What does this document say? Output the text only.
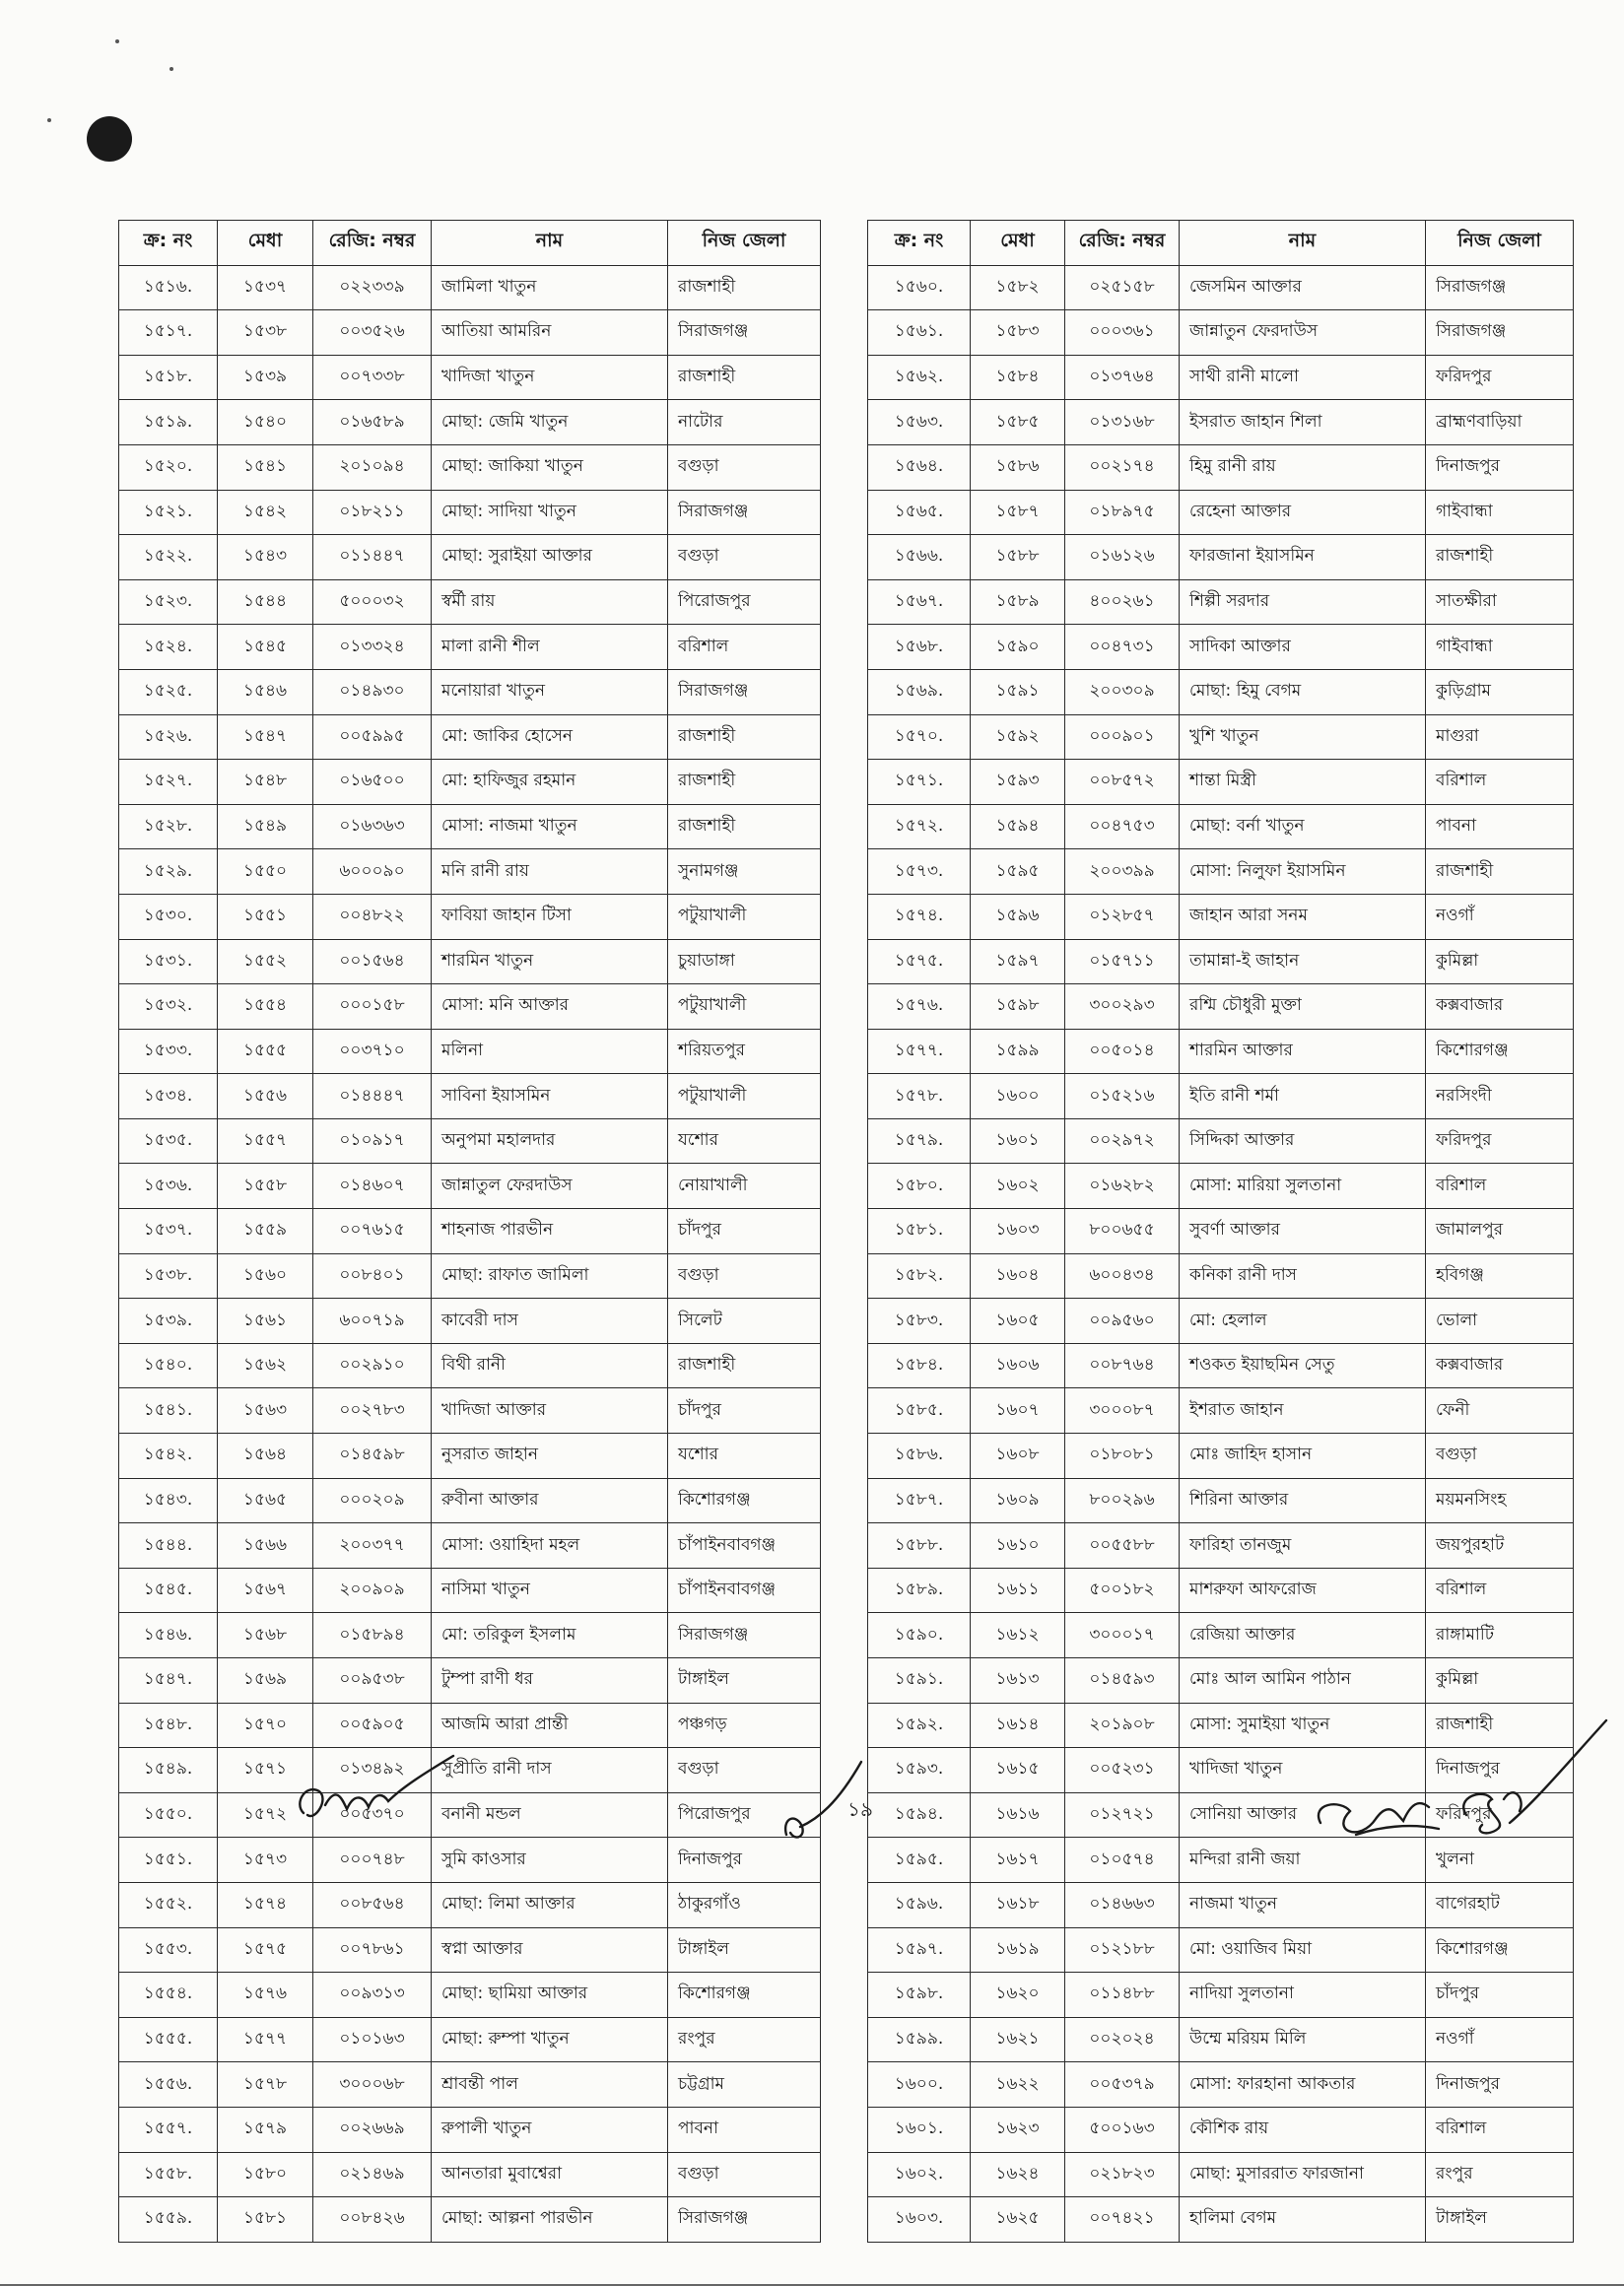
ক্র: নং	মেধা	রেজি: নম্বর	নাম	নিজ জেলা
১৫১৬.	১৫৩৭	০২২৩৩৯	জামিলা খাতুন	রাজশাহী
১৫১৭.	১৫৩৮	০০৩৫২৬	আতিয়া আমরিন	সিরাজগঞ্জ
১৫১৮.	১৫৩৯	০০৭৩৩৮	খাদিজা খাতুন	রাজশাহী
১৫১৯.	১৫৪০	০১৬৫৮৯	মোছা: জেমি খাতুন	নাটোর
১৫২০.	১৫৪১	২০১০৯৪	মোছা: জাকিয়া খাতুন	বগুড়া
১৫২১.	১৫৪২	০১৮২১১	মোছা: সাদিয়া খাতুন	সিরাজগঞ্জ
১৫২২.	১৫৪৩	০১১৪৪৭	মোছা: সুরাইয়া আক্তার	বগুড়া
১৫২৩.	১৫৪৪	৫০০০৩২	স্বর্মী রায়	পিরোজপুর
১৫২৪.	১৫৪৫	০১৩৩২৪	মালা রানী শীল	বরিশাল
১৫২৫.	১৫৪৬	০১৪৯৩০	মনোয়ারা খাতুন	সিরাজগঞ্জ
১৫২৬.	১৫৪৭	০০৫৯৯৫	মো: জাকির হোসেন	রাজশাহী
১৫২৭.	১৫৪৮	০১৬৫০০	মো: হাফিজুর রহমান	রাজশাহী
১৫২৮.	১৫৪৯	০১৬৩৬৩	মোসা: নাজমা খাতুন	রাজশাহী
১৫২৯.	১৫৫০	৬০০০৯০	মনি রানী রায়	সুনামগঞ্জ
১৫৩০.	১৫৫১	০০৪৮২২	ফাবিয়া জাহান টিসা	পটুয়াখালী
১৫৩১.	১৫৫২	০০১৫৬৪	শারমিন খাতুন	চুয়াডাঙ্গা
১৫৩২.	১৫৫৪	০০০১৫৮	মোসা: মনি আক্তার	পটুয়াখালী
১৫৩৩.	১৫৫৫	০০৩৭১০	মলিনা	শরিয়তপুর
১৫৩৪.	১৫৫৬	০১৪৪৪৭	সাবিনা ইয়াসমিন	পটুয়াখালী
১৫৩৫.	১৫৫৭	০১০৯১৭	অনুপমা মহালদার	যশোর
১৫৩৬.	১৫৫৮	০১৪৬০৭	জান্নাতুল ফেরদাউস	নোয়াখালী
১৫৩৭.	১৫৫৯	০০৭৬১৫	শাহনাজ পারভীন	চাঁদপুর
১৫৩৮.	১৫৬০	০০৮৪০১	মোছা: রাফাত জামিলা	বগুড়া
১৫৩৯.	১৫৬১	৬০০৭১৯	কাবেরী দাস	সিলেট
১৫৪০.	১৫৬২	০০২৯১০	বিথী রানী	রাজশাহী
১৫৪১.	১৫৬৩	০০২৭৮৩	খাদিজা আক্তার	চাঁদপুর
১৫৪২.	১৫৬৪	০১৪৫৯৮	নুসরাত জাহান	যশোর
১৫৪৩.	১৫৬৫	০০০২০৯	রুবীনা আক্তার	কিশোরগঞ্জ
১৫৪৪.	১৫৬৬	২০০৩৭৭	মোসা: ওয়াহিদা মহল	চাঁপাইনবাবগঞ্জ
১৫৪৫.	১৫৬৭	২০০৯০৯	নাসিমা খাতুন	চাঁপাইনবাবগঞ্জ
১৫৪৬.	১৫৬৮	০১৫৮৯৪	মো: তরিকুল ইসলাম	সিরাজগঞ্জ
১৫৪৭.	১৫৬৯	০০৯৫৩৮	টুম্পা রাণী ধর	টাঙ্গাইল
১৫৪৮.	১৫৭০	০০৫৯০৫	আজমি আরা প্রান্তী	পঞ্চগড়
১৫৪৯.	১৫৭১	০১৩৪৯২	সুপ্রীতি রানী দাস	বগুড়া
১৫৫০.	১৫৭২	০০৫৩৭০	বনানী মন্ডল	পিরোজপুর
১৫৫১.	১৫৭৩	০০০৭৪৮	সুমি কাওসার	দিনাজপুর
১৫৫২.	১৫৭৪	০০৮৫৬৪	মোছা: লিমা আক্তার	ঠাকুরগাঁও
১৫৫৩.	১৫৭৫	০০৭৮৬১	স্বপ্না আক্তার	টাঙ্গাইল
১৫৫৪.	১৫৭৬	০০৯৩১৩	মোছা: ছামিয়া আক্তার	কিশোরগঞ্জ
১৫৫৫.	১৫৭৭	০১০১৬৩	মোছা: রুম্পা খাতুন	রংপুর
১৫৫৬.	১৫৭৮	৩০০০৬৮	শ্রাবন্তী পাল	চট্টগ্রাম
১৫৫৭.	১৫৭৯	০০২৬৬৯	রুপালী খাতুন	পাবনা
১৫৫৮.	১৫৮০	০২১৪৬৯	আনতারা মুবাশ্বেরা	বগুড়া
১৫৫৯.	১৫৮১	০০৮৪২৬	মোছা: আল্পনা পারভীন	সিরাজগঞ্জ
ক্র: নং	মেধা	রেজি: নম্বর	নাম	নিজ জেলা
১৫৬০.	১৫৮২	০২৫১৫৮	জেসমিন আক্তার	সিরাজগঞ্জ
১৫৬১.	১৫৮৩	০০০৩৬১	জান্নাতুন ফেরদাউস	সিরাজগঞ্জ
১৫৬২.	১৫৮৪	০১৩৭৬৪	সাথী রানী মালো	ফরিদপুর
১৫৬৩.	১৫৮৫	০১৩১৬৮	ইসরাত জাহান শিলা	ব্রাহ্মণবাড়িয়া
১৫৬৪.	১৫৮৬	০০২১৭৪	হিমু রানী রায়	দিনাজপুর
১৫৬৫.	১৫৮৭	০১৮৯৭৫	রেহেনা আক্তার	গাইবান্ধা
১৫৬৬.	১৫৮৮	০১৬১২৬	ফারজানা ইয়াসমিন	রাজশাহী
১৫৬৭.	১৫৮৯	৪০০২৬১	শিল্পী সরদার	সাতক্ষীরা
১৫৬৮.	১৫৯০	০০৪৭৩১	সাদিকা আক্তার	গাইবান্ধা
১৫৬৯.	১৫৯১	২০০৩০৯	মোছা: হিমু বেগম	কুড়িগ্রাম
১৫৭০.	১৫৯২	০০০৯০১	খুশি খাতুন	মাগুরা
১৫৭১.	১৫৯৩	০০৮৫৭২	শান্তা মিস্ত্রী	বরিশাল
১৫৭২.	১৫৯৪	০০৪৭৫৩	মোছা: বর্না খাতুন	পাবনা
১৫৭৩.	১৫৯৫	২০০৩৯৯	মোসা: নিলুফা ইয়াসমিন	রাজশাহী
১৫৭৪.	১৫৯৬	০১২৮৫৭	জাহান আরা সনম	নওগাঁ
১৫৭৫.	১৫৯৭	০১৫৭১১	তামান্না-ই জাহান	কুমিল্লা
১৫৭৬.	১৫৯৮	৩০০২৯৩	রশ্মি চৌধুরী মুক্তা	কক্সবাজার
১৫৭৭.	১৫৯৯	০০৫০১৪	শারমিন আক্তার	কিশোরগঞ্জ
১৫৭৮.	১৬০০	০১৫২১৬	ইতি রানী শর্মা	নরসিংদী
১৫৭৯.	১৬০১	০০২৯৭২	সিদ্দিকা আক্তার	ফরিদপুর
১৫৮০.	১৬০২	০১৬২৮২	মোসা: মারিয়া সুলতানা	বরিশাল
১৫৮১.	১৬০৩	৮০০৬৫৫	সুবর্ণা আক্তার	জামালপুর
১৫৮২.	১৬০৪	৬০০৪৩৪	কনিকা রানী দাস	হবিগঞ্জ
১৫৮৩.	১৬০৫	০০৯৫৬০	মো: হেলাল	ভোলা
১৫৮৪.	১৬০৬	০০৮৭৬৪	শওকত ইয়াছমিন সেতু	কক্সবাজার
১৫৮৫.	১৬০৭	৩০০০৮৭	ইশরাত জাহান	ফেনী
১৫৮৬.	১৬০৮	০১৮০৮১	মোঃ জাহিদ হাসান	বগুড়া
১৫৮৭.	১৬০৯	৮০০২৯৬	শিরিনা আক্তার	ময়মনসিংহ
১৫৮৮.	১৬১০	০০৫৫৮৮	ফারিহা তানজুম	জয়পুরহাট
১৫৮৯.	১৬১১	৫০০১৮২	মাশরুফা আফরোজ	বরিশাল
১৫৯০.	১৬১২	৩০০০১৭	রেজিয়া আক্তার	রাঙ্গামাটি
১৫৯১.	১৬১৩	০১৪৫৯৩	মোঃ আল আমিন পাঠান	কুমিল্লা
১৫৯২.	১৬১৪	২০১৯০৮	মোসা: সুমাইয়া খাতুন	রাজশাহী
১৫৯৩.	১৬১৫	০০৫২৩১	খাদিজা খাতুন	দিনাজপুর
১৫৯৪.	১৬১৬	০১২৭২১	সোনিয়া আক্তার	ফরিদপুর
১৫৯৫.	১৬১৭	০১০৫৭৪	মন্দিরা রানী জয়া	খুলনা
১৫৯৬.	১৬১৮	০১৪৬৬৩	নাজমা খাতুন	বাগেরহাট
১৫৯৭.	১৬১৯	০১২১৮৮	মো: ওয়াজিব মিয়া	কিশোরগঞ্জ
১৫৯৮.	১৬২০	০১১৪৮৮	নাদিয়া সুলতানা	চাঁদপুর
১৫৯৯.	১৬২১	০০২০২৪	উম্মে মরিয়ম মিলি	নওগাঁ
১৬০০.	১৬২২	০০৫৩৭৯	মোসা: ফারহানা আকতার	দিনাজপুর
১৬০১.	১৬২৩	৫০০১৬৩	কৌশিক রায়	বরিশাল
১৬০২.	১৬২৪	০২১৮২৩	মোছা: মুসাররাত ফারজানা	রংপুর
১৬০৩.	১৬২৫	০০৭৪২১	হালিমা বেগম	টাঙ্গাইল
১৯
